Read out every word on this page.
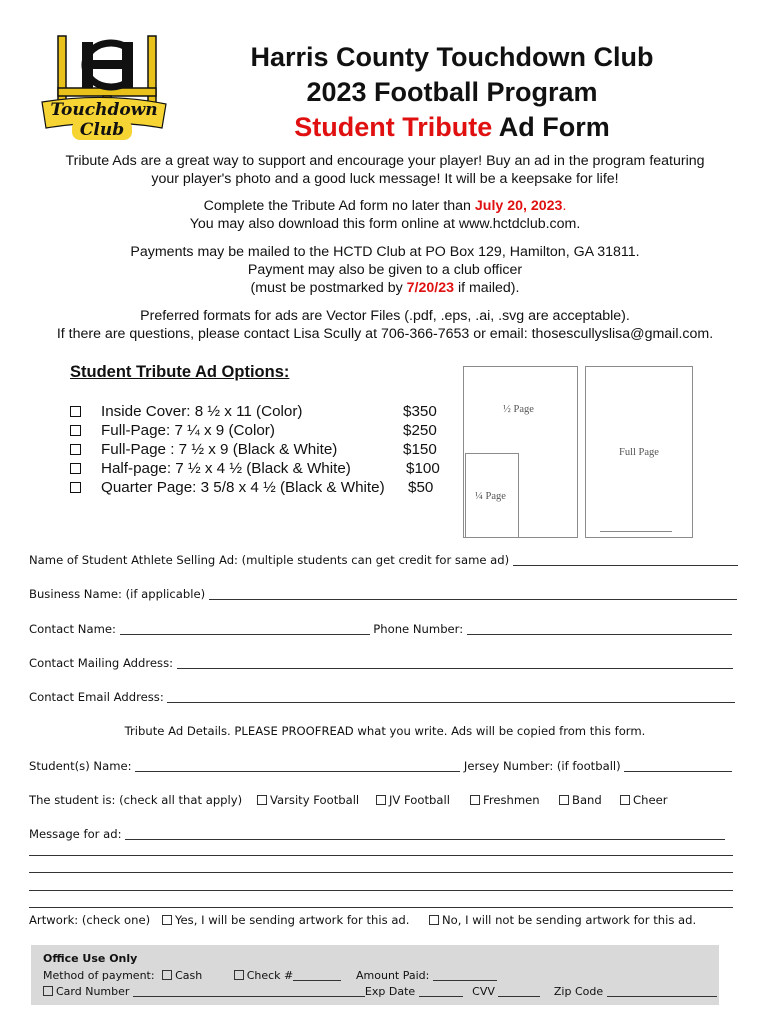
Touchdown
Club
Harris County Touchdown Club
2023 Football Program
Student Tribute Ad Form
Tribute Ads are a great way to support and encourage your player! Buy an ad in the program featuring
your player's photo and a good luck message! It will be a keepsake for life!
Complete the Tribute Ad form no later than July 20, 2023.
You may also download this form online at www.hctdclub.com.
Payments may be mailed to the HCTD Club at PO Box 129, Hamilton, GA 31811.
Payment may also be given to a club officer
(must be postmarked by 7/20/23 if mailed).
Preferred formats for ads are Vector Files (.pdf, .eps, .ai, .svg are acceptable).
If there are questions, please contact Lisa Scully at 706-366-7653 or email: thosescullyslisa@gmail.com.
Student Tribute Ad Options:
Inside Cover: 8 ½ x 11 (Color)	$350
Full-Page: 7 ¼ x 9 (Color)	$250
Full-Page : 7 ½ x 9 (Black & White)	$150
Half-page: 7 ½ x 4 ½ (Black & White)	$100
Quarter Page: 3 5/8 x 4 ½ (Black & White) $50
½ Page
¼ Page
Full Page
Name of Student Athlete Selling Ad: (multiple students can get credit for same ad)
Business Name: (if applicable)
Contact Name:	Phone Number:
Contact Mailing Address:
Contact Email Address:
Tribute Ad Details. PLEASE PROOFREAD what you write. Ads will be copied from this form.
Student(s) Name:	Jersey Number: (if football)
The student is: (check all that apply)	Varsity Football	JV Football	Freshmen	Band	Cheer
Message for ad:
Artwork: (check one)	Yes, I will be sending artwork for this ad.	No, I will not be sending artwork for this ad.
Office Use Only
Method of payment: Cash	Check #	Amount Paid:
Card Number	Exp Date	CVV	Zip Code
